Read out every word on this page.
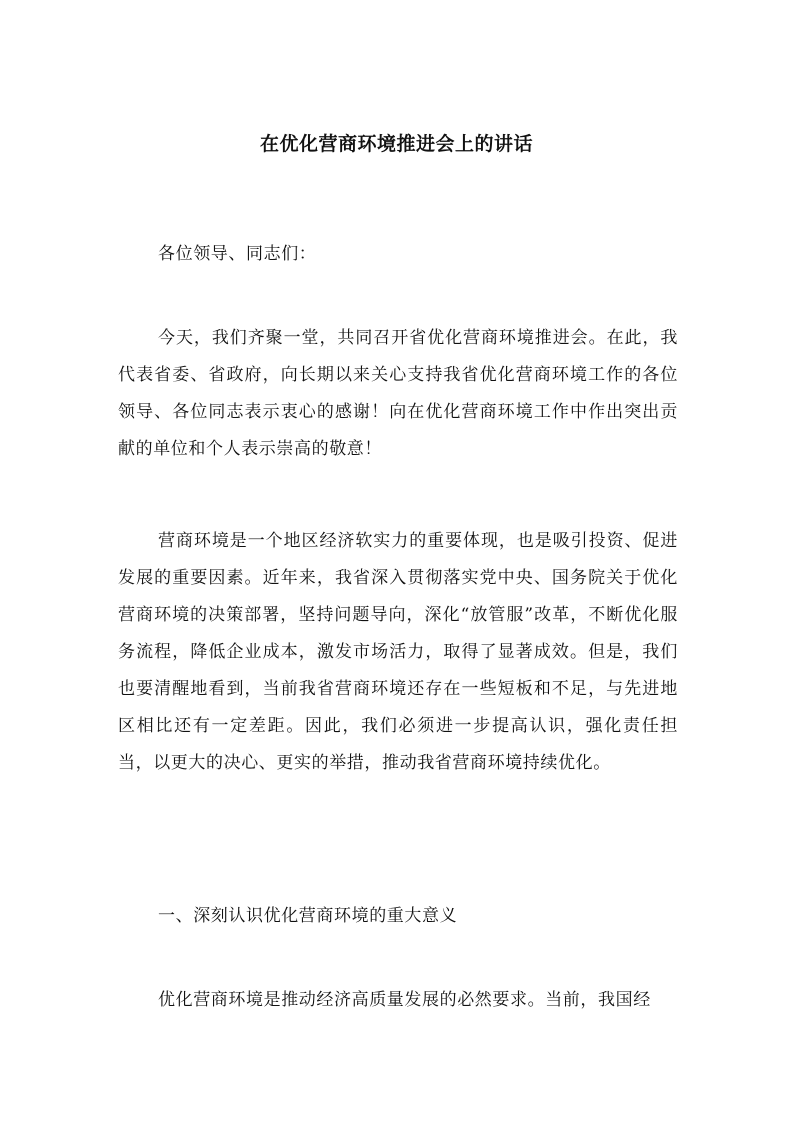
在优化营商环境推进会上的讲话

各位领导、同志们：

今天，我们齐聚一堂，共同召开省优化营商环境推进会。在此，我代表省委、省政府，向长期以来关心支持我省优化营商环境工作的各位领导、各位同志表示衷心的感谢！向在优化营商环境工作中作出突出贡献的单位和个人表示崇高的敬意！

营商环境是一个地区经济软实力的重要体现，也是吸引投资、促进发展的重要因素。近年来，我省深入贯彻落实党中央、国务院关于优化营商环境的决策部署，坚持问题导向，深化“放管服”改革，不断优化服务流程，降低企业成本，激发市场活力，取得了显著成效。但是，我们也要清醒地看到，当前我省营商环境还存在一些短板和不足，与先进地区相比还有一定差距。因此，我们必须进一步提高认识，强化责任担当，以更大的决心、更实的举措，推动我省营商环境持续优化。

一、深刻认识优化营商环境的重大意义

优化营商环境是推动经济高质量发展的必然要求。当前，我国经
